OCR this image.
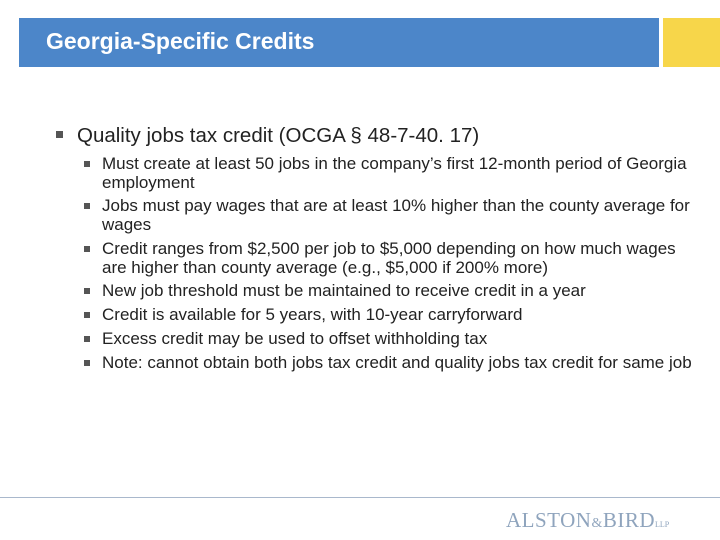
Georgia-Specific Credits
Quality jobs tax credit (OCGA § 48-7-40. 17)
Must create at least 50 jobs in the company’s first 12-month period of Georgia employment
Jobs must pay wages that are at least 10% higher than the county average for wages
Credit ranges from $2,500 per job to $5,000 depending on how much wages are higher than county average (e.g., $5,000 if 200% more)
New job threshold must be maintained to receive credit in a year
Credit is available for 5 years, with 10-year carryforward
Excess credit may be used to offset withholding tax
Note: cannot obtain both jobs tax credit and quality jobs tax credit for same job
ALSTON&BIRDLLP
